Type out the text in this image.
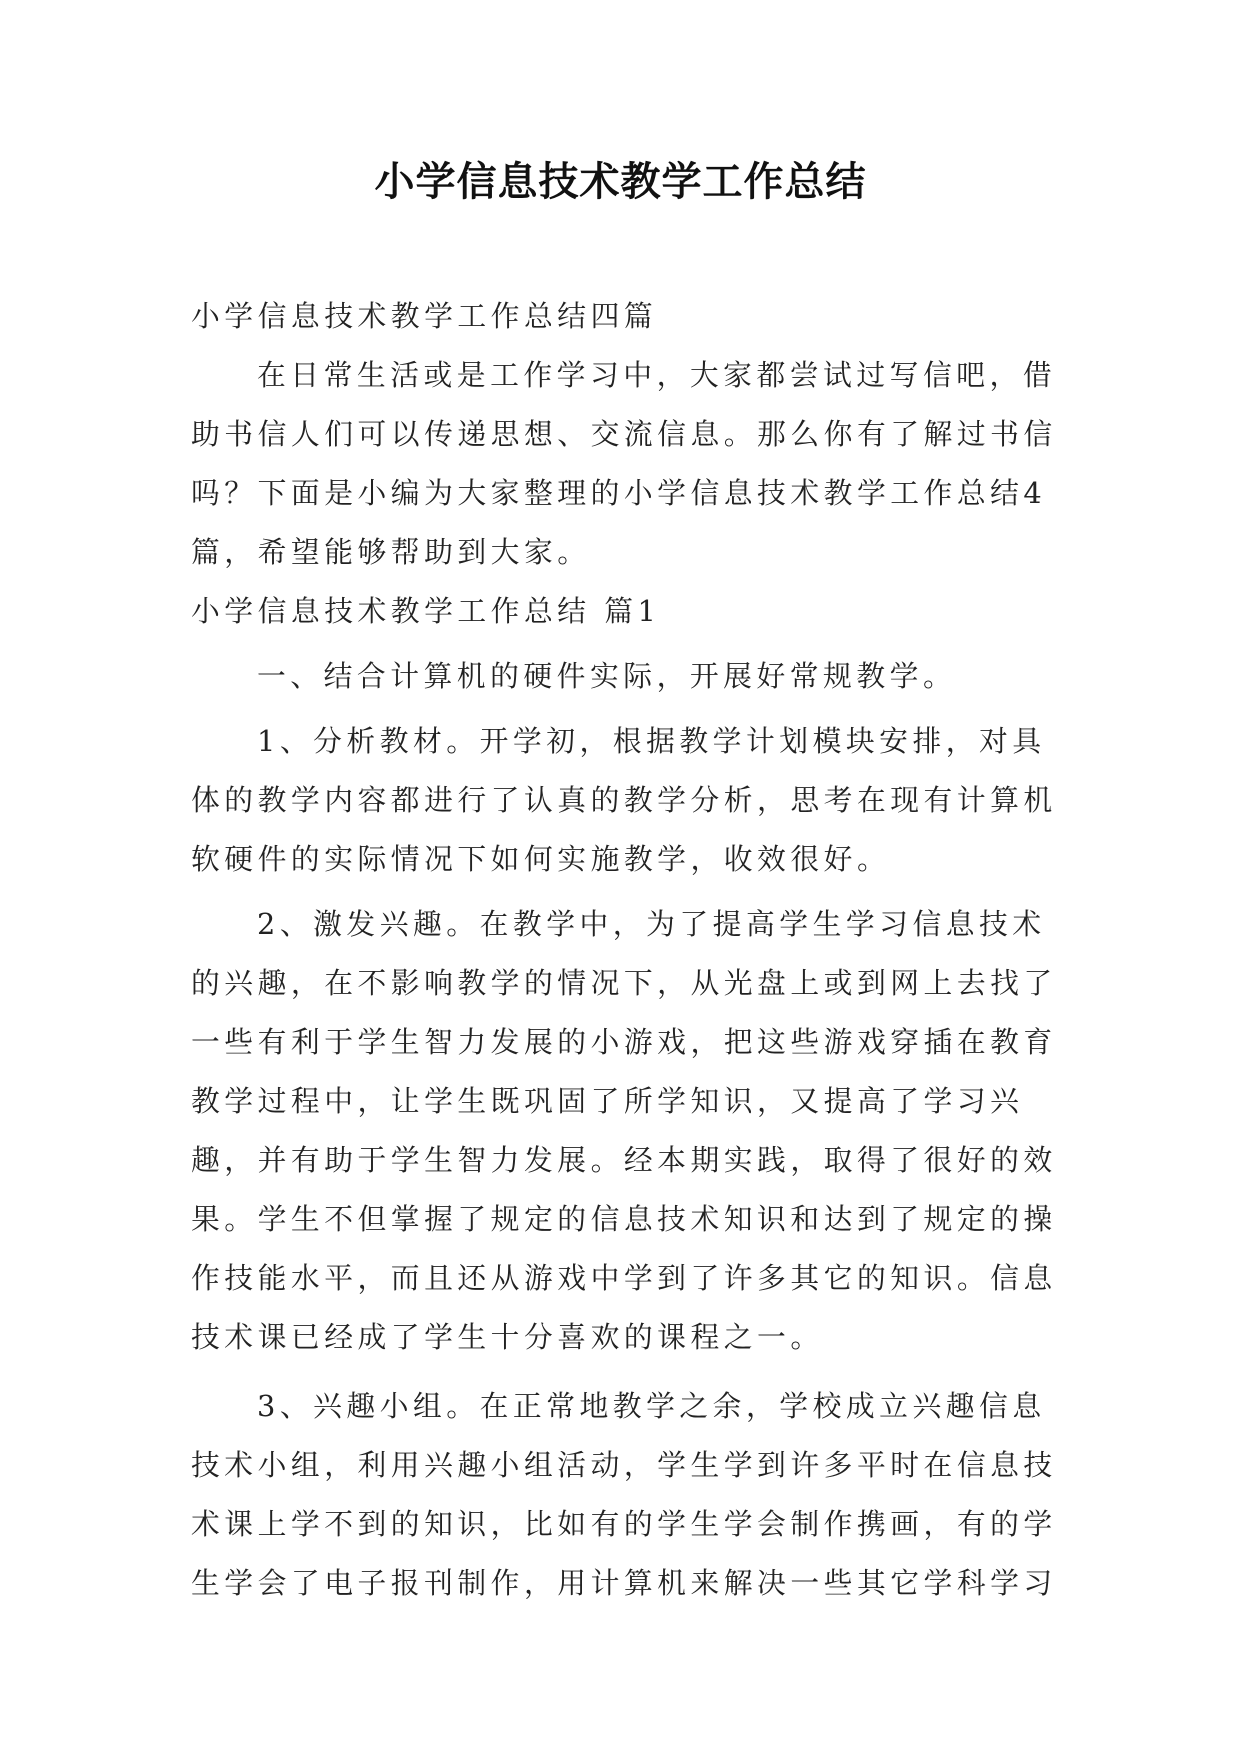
小学信息技术教学工作总结

小学信息技术教学工作总结四篇

在日常生活或是工作学习中，大家都尝试过写信吧，借助书信人们可以传递思想、交流信息。那么你有了解过书信吗？下面是小编为大家整理的小学信息技术教学工作总结4篇，希望能够帮助到大家。

小学信息技术教学工作总结 篇1

一、结合计算机的硬件实际，开展好常规教学。

1、分析教材。开学初，根据教学计划模块安排，对具体的教学内容都进行了认真的教学分析，思考在现有计算机软硬件的实际情况下如何实施教学，收效很好。

2、激发兴趣。在教学中，为了提高学生学习信息技术的兴趣，在不影响教学的情况下，从光盘上或到网上去找了一些有利于学生智力发展的小游戏，把这些游戏穿插在教育教学过程中，让学生既巩固了所学知识，又提高了学习兴趣，并有助于学生智力发展。经本期实践，取得了很好的效果。学生不但掌握了规定的信息技术知识和达到了规定的操作技能水平，而且还从游戏中学到了许多其它的知识。信息技术课已经成了学生十分喜欢的课程之一。

3、兴趣小组。在正常地教学之余，学校成立兴趣信息技术小组，利用兴趣小组活动，学生学到许多平时在信息技术课上学不到的知识，比如有的学生学会制作携画，有的学生学会了电子报刊制作，用计算机来解决一些其它学科学习
